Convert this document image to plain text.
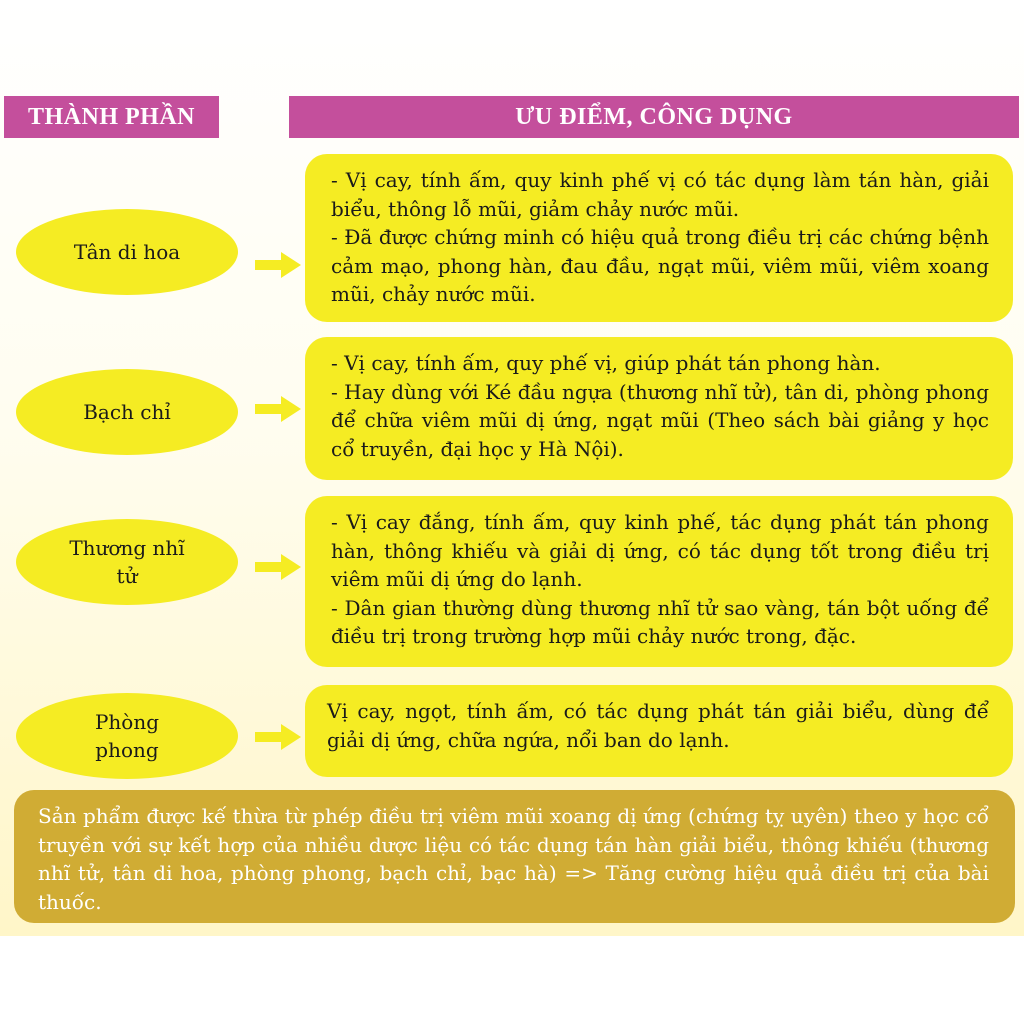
THÀNH PHẦN	ƯU ĐIỂM, CÔNG DỤNG
Tân di hoa

- Vị cay, tính ấm, quy kinh phế vị có tác dụng làm tán hàn, giải biểu, thông lỗ mũi, giảm chảy nước mũi.

- Đã được chứng minh có hiệu quả trong điều trị các chứng bệnh cảm mạo, phong hàn, đau đầu, ngạt mũi, viêm mũi, viêm xoang mũi, chảy nước mũi.

Bạch chỉ

- Vị cay, tính ấm, quy phế vị, giúp phát tán phong hàn.

- Hay dùng với Ké đầu ngựa (thương nhĩ tử), tân di, phòng phong để chữa viêm mũi dị ứng, ngạt mũi (Theo sách bài giảng y học cổ truyền, đại học y Hà Nội).

Thương nhĩ tử

- Vị cay đắng, tính ấm, quy kinh phế, tác dụng phát tán phong hàn, thông khiếu và giải dị ứng, có tác dụng tốt trong điều trị viêm mũi dị ứng do lạnh.

- Dân gian thường dùng thương nhĩ tử sao vàng, tán bột uống để điều trị trong trường hợp mũi chảy nước trong, đặc.

Phòng phong

Vị cay, ngọt, tính ấm, có tác dụng phát tán giải biểu, dùng để giải dị ứng, chữa ngứa, nổi ban do lạnh.

Sản phẩm được kế thừa từ phép điều trị viêm mũi xoang dị ứng (chứng tỵ uyên) theo y học cổ truyền với sự kết hợp của nhiều dược liệu có tác dụng tán hàn giải biểu, thông khiếu (thương nhĩ tử, tân di hoa, phòng phong, bạch chỉ, bạc hà) => Tăng cường hiệu quả điều trị của bài thuốc.
